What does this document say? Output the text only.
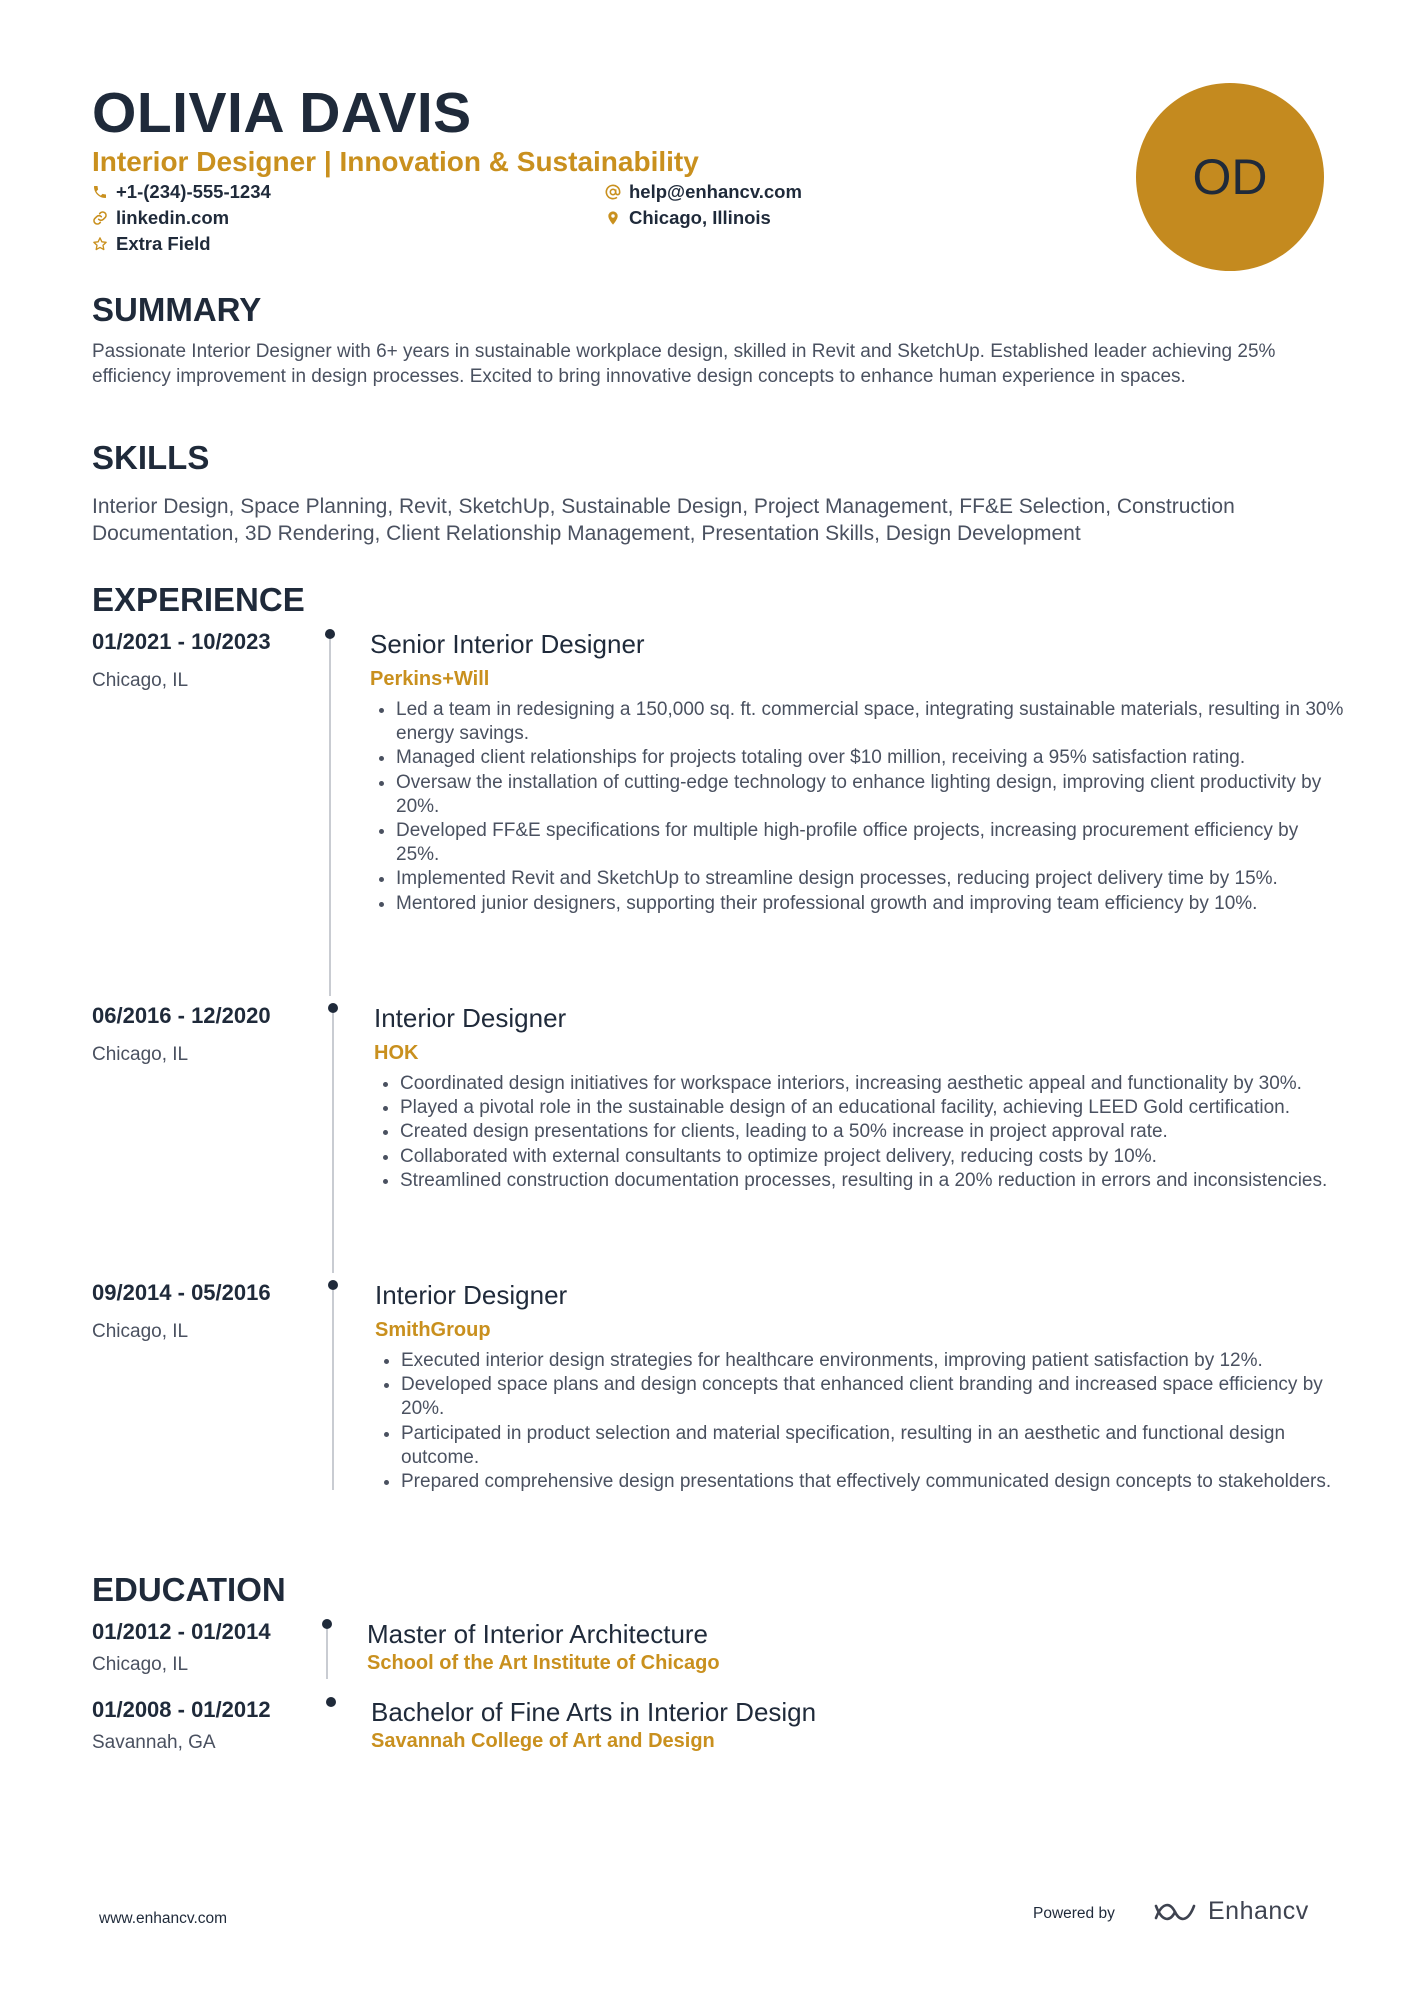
OLIVIA DAVIS
Interior Designer | Innovation & Sustainability
+1-(234)-555-1234	help@enhancv.com
linkedin.com	Chicago, Illinois
Extra Field
OD
SUMMARY
Passionate Interior Designer with 6+ years in sustainable workplace design, skilled in Revit and SketchUp. Established leader achieving 25% efficiency improvement in design processes. Excited to bring innovative design concepts to enhance human experience in spaces.
SKILLS
Interior Design, Space Planning, Revit, SketchUp, Sustainable Design, Project Management, FF&E Selection, Construction Documentation, 3D Rendering, Client Relationship Management, Presentation Skills, Design Development
EXPERIENCE
01/2021 - 10/2023
Chicago, IL
Senior Interior Designer
Perkins+Will
• Led a team in redesigning a 150,000 sq. ft. commercial space, integrating sustainable materials, resulting in 30% energy savings.
• Managed client relationships for projects totaling over $10 million, receiving a 95% satisfaction rating.
• Oversaw the installation of cutting-edge technology to enhance lighting design, improving client productivity by 20%.
• Developed FF&E specifications for multiple high-profile office projects, increasing procurement efficiency by 25%.
• Implemented Revit and SketchUp to streamline design processes, reducing project delivery time by 15%.
• Mentored junior designers, supporting their professional growth and improving team efficiency by 10%.
06/2016 - 12/2020
Chicago, IL
Interior Designer
HOK
• Coordinated design initiatives for workspace interiors, increasing aesthetic appeal and functionality by 30%.
• Played a pivotal role in the sustainable design of an educational facility, achieving LEED Gold certification.
• Created design presentations for clients, leading to a 50% increase in project approval rate.
• Collaborated with external consultants to optimize project delivery, reducing costs by 10%.
• Streamlined construction documentation processes, resulting in a 20% reduction in errors and inconsistencies.
09/2014 - 05/2016
Chicago, IL
Interior Designer
SmithGroup
• Executed interior design strategies for healthcare environments, improving patient satisfaction by 12%.
• Developed space plans and design concepts that enhanced client branding and increased space efficiency by 20%.
• Participated in product selection and material specification, resulting in an aesthetic and functional design outcome.
• Prepared comprehensive design presentations that effectively communicated design concepts to stakeholders.
EDUCATION
01/2012 - 01/2014
Chicago, IL
Master of Interior Architecture
School of the Art Institute of Chicago
01/2008 - 01/2012
Savannah, GA
Bachelor of Fine Arts in Interior Design
Savannah College of Art and Design
www.enhancv.com	Powered by	Enhancv
